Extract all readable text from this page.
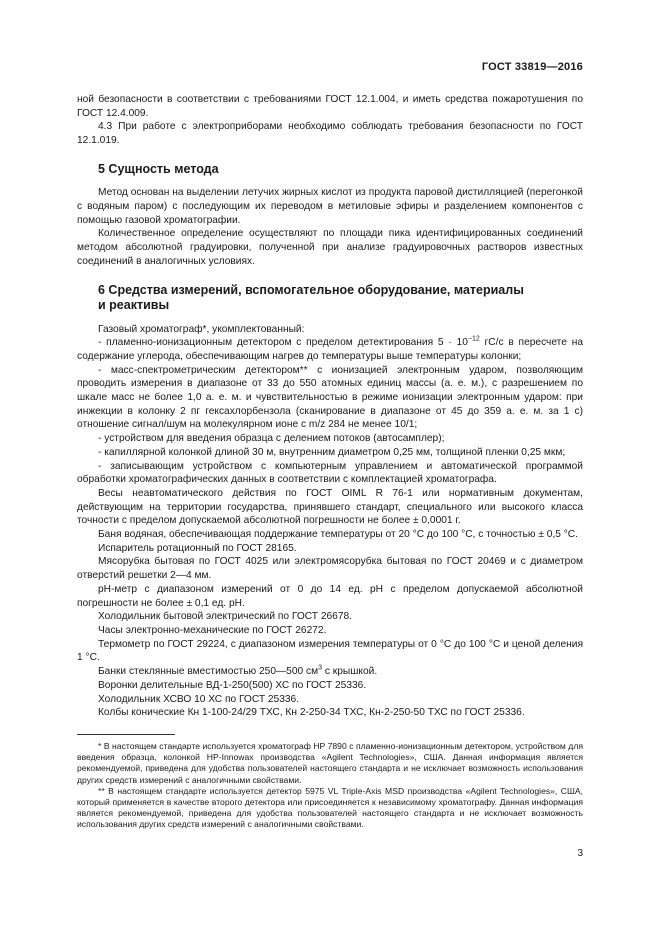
ГОСТ 33819—2016

ной безопасности в соответствии с требованиями ГОСТ 12.1.004, и иметь средства пожаротушения по ГОСТ 12.4.009.

4.3 При работе с электроприборами необходимо соблюдать требования безопасности по ГОСТ 12.1.019.

5 Сущность метода

Метод основан на выделении летучих жирных кислот из продукта паровой дистилляцией (перегонкой с водяным паром) с последующим их переводом в метиловые эфиры и разделением компонентов с помощью газовой хроматографии.

Количественное определение осуществляют по площади пика идентифицированных соединений методом абсолютной градуировки, полученной при анализе градуировочных растворов известных соединений в аналогичных условиях.

6 Средства измерений, вспомогательное оборудование, материалы
и реактивы

Газовый хроматограф*, укомплектованный:

- пламенно-ионизационным детектором с пределом детектирования $5 \cdot 10^{-12}$ гС/с в пересчете на содержание углерода, обеспечивающим нагрев до температуры выше температуры колонки;

- масс-спектрометрическим детектором** с ионизацией электронным ударом, позволяющим проводить измерения в диапазоне от 33 до 550 атомных единиц массы (а. е. м.), с разрешением по шкале масс не более 1,0 а. е. м. и чувствительностью в режиме ионизации электронным ударом: при инжекции в колонку 2 пг гексахлорбензола (сканирование в диапазоне от 45 до 359 а. е. м. за 1 с) отношение сигнал/шум на молекулярном ионе с m/z 284 не менее 10/1;

- устройством для введения образца с делением потоков (автосамплер);

- капиллярной колонкой длиной 30 м, внутренним диаметром 0,25 мм, толщиной пленки 0,25 мкм;

- записывающим устройством с компьютерным управлением и автоматической программой обработки хроматографических данных в соответствии с комплектацией хроматографа.

Весы неавтоматического действия по ГОСТ OIML R 76-1 или нормативным документам, действующим на территории государства, принявшего стандарт, специального или высокого класса точности с пределом допускаемой абсолютной погрешности не более ± 0,0001 г.

Баня водяная, обеспечивающая поддержание температуры от 20 °С до 100 °С, с точностью ± 0,5 °С.

Испаритель ротационный по ГОСТ 28165.

Мясорубка бытовая по ГОСТ 4025 или электромясорубка бытовая по ГОСТ 20469 и с диаметром отверстий решетки 2—4 мм.

рН-метр с диапазоном измерений от 0 до 14 ед. рН с пределом допускаемой абсолютной погрешности не более ± 0,1 ед. рН.

Холодильник бытовой электрический по ГОСТ 26678.

Часы электронно-механические по ГОСТ 26272.

Термометр по ГОСТ 29224, с диапазоном измерения температуры от 0 °С до 100 °С и ценой деления 1 °С.

Банки стеклянные вместимостью 250—500 $см^3$ с крышкой.

Воронки делительные ВД-1-250(500) ХС по ГОСТ 25336.

Холодильник ХСВО 10 ХС по ГОСТ 25336.

Колбы конические Кн 1-100-24/29 ТХС, Кн 2-250-34 ТХС, Кн-2-250-50 ТХС по ГОСТ 25336.

* В настоящем стандарте используется хроматограф HP 7890 с пламенно-ионизационным детектором, устройством для введения образца, колонкой HP-Innowax производства «Agilent Technologies», США. Данная информация является рекомендуемой, приведена для удобства пользователей настоящего стандарта и не исключает возможность использования других средств измерений с аналогичными свойствами.

** В настоящем стандарте используется детектор 5975 VL Triple-Axis MSD производства «Agilent Technologies», США, который применяется в качестве второго детектора или присоединяется к независимому хроматографу. Данная информация является рекомендуемой, приведена для удобства пользователей настоящего стандарта и не исключает возможность использования других средств измерений с аналогичными свойствами.

3
